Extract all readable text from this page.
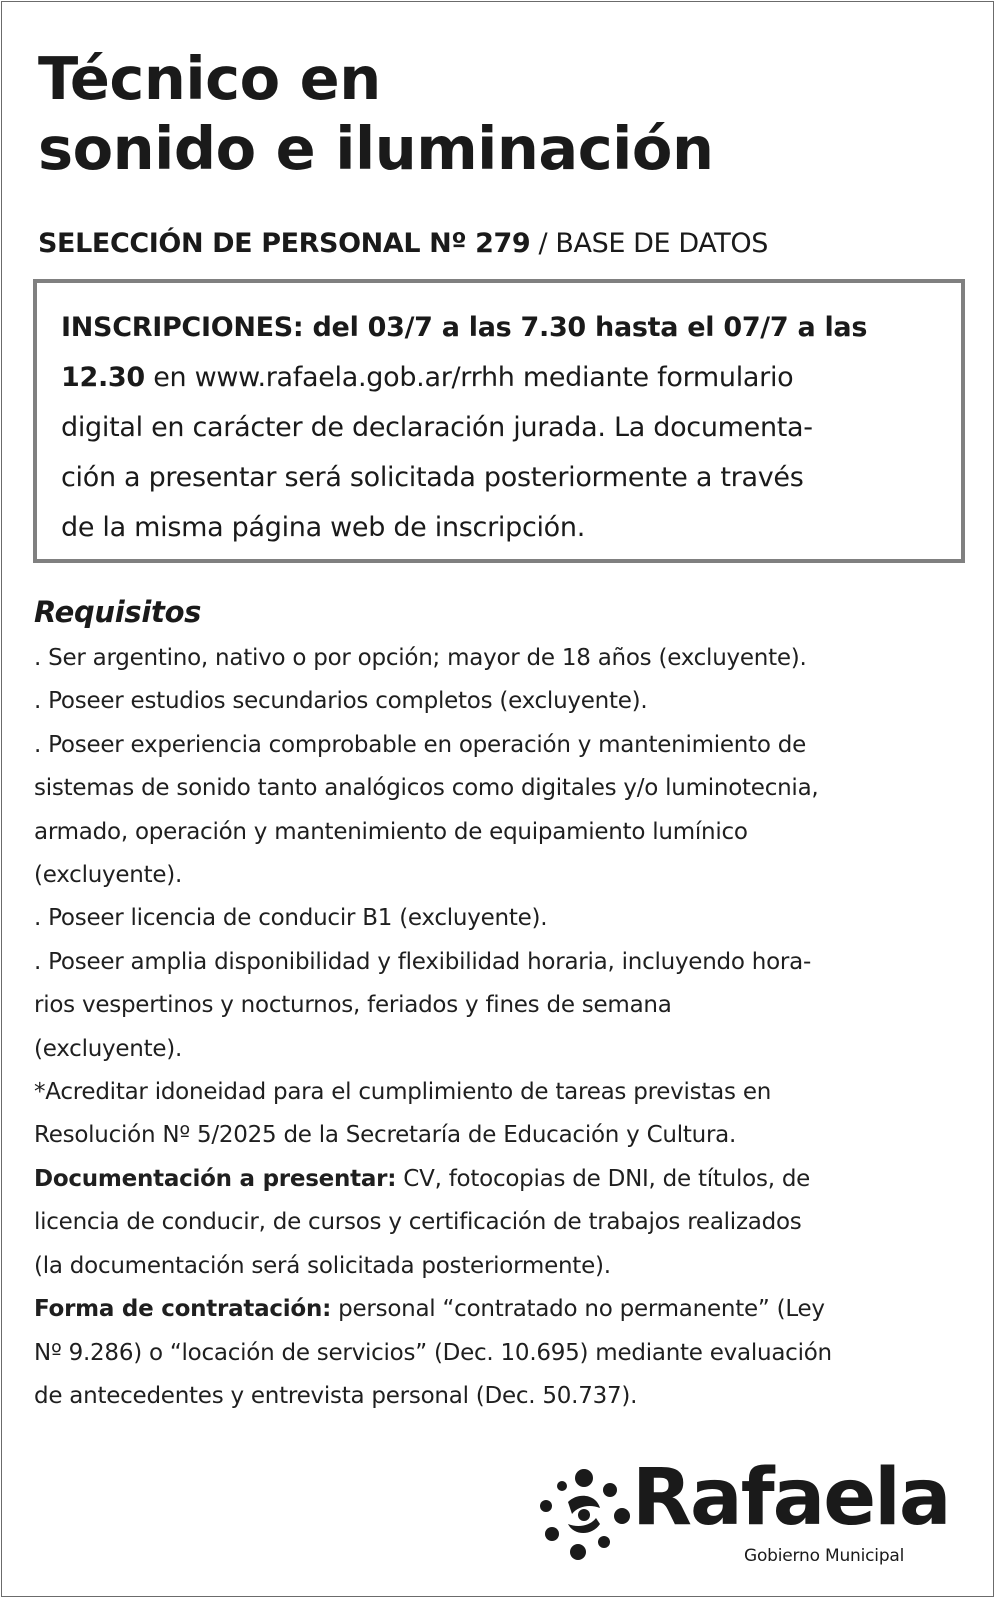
Técnico en
sonido e iluminación
SELECCIÓN DE PERSONAL Nº 279 / BASE DE DATOS
INSCRIPCIONES: del 03/7 a las 7.30 hasta el 07/7 a las
12.30 en www.rafaela.gob.ar/rrhh mediante formulario
digital en carácter de declaración jurada. La documenta-
ción a presentar será solicitada posteriormente a través
de la misma página web de inscripción.
Requisitos
. Ser argentino, nativo o por opción; mayor de 18 años (excluyente).
. Poseer estudios secundarios completos (excluyente).
. Poseer experiencia comprobable en operación y mantenimiento de
sistemas de sonido tanto analógicos como digitales y/o luminotecnia,
armado, operación y mantenimiento de equipamiento lumínico
(excluyente).
. Poseer licencia de conducir B1 (excluyente).
. Poseer amplia disponibilidad y flexibilidad horaria, incluyendo hora-
rios vespertinos y nocturnos, feriados y fines de semana
(excluyente).
*Acreditar idoneidad para el cumplimiento de tareas previstas en
Resolución Nº 5/2025 de la Secretaría de Educación y Cultura.
Documentación a presentar: CV, fotocopias de DNI, de títulos, de
licencia de conducir, de cursos y certificación de trabajos realizados
(la documentación será solicitada posteriormente).
Forma de contratación: personal “contratado no permanente” (Ley
Nº 9.286) o “locación de servicios” (Dec. 10.695) mediante evaluación
de antecedentes y entrevista personal (Dec. 50.737).
Rafaela
Gobierno Municipal
